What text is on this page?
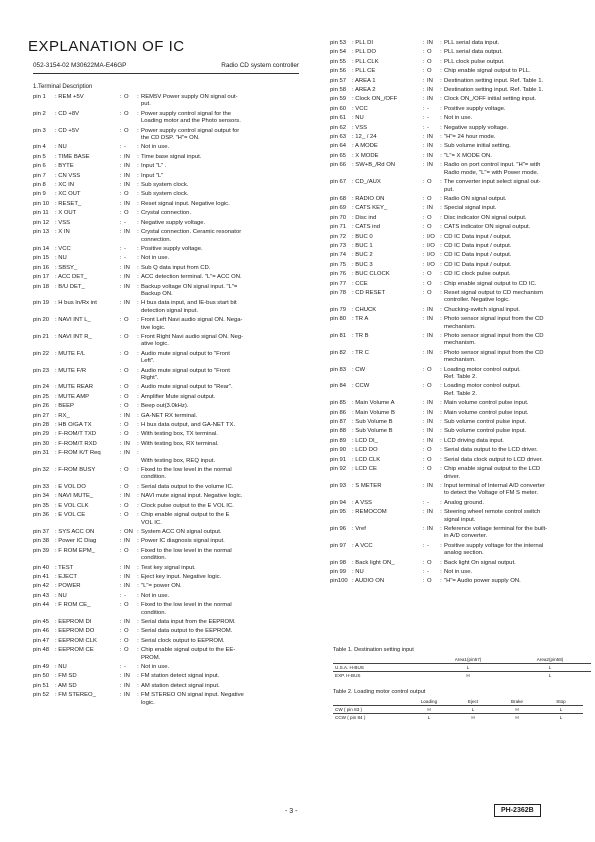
EXPLANATION OF IC
052-3154-02 M30622MA-E46GP	Radio CD system controller
1.Terminal Description
pin 1	: REM +5V	: O	: REM5V Power supply ON signal out-
put.
pin 2	: CD +8V	: O	: Power supply control signal for the
Loading motor and the Photo sensors.
pin 3	: CD +5V	: O	: Power supply control signal output for
the CD DSP. "H"= ON.
pin 4	: NU	: -	: Not in use.
pin 5	: TIME BASE	: IN	: Time base signal input.
pin 6	: BYTE	: IN	: Input "L" .
pin 7	: CN VSS	: IN	: Input "L"
pin 8	: XC IN	: IN	: Sub system clock.
pin 9	: XC OUT	: O	: Sub system clock.
pin 10	: RESET_	: IN	: Reset signal input. Negative logic.
pin 11	: X OUT	: O	: Crystal connection.
pin 12	: VSS	: -	: Negative supply voltage.
pin 13	: X IN	: IN	: Crystal connection. Ceramic resonator
connection.
pin 14	: VCC	: -	: Positive supply voltage.
pin 15	: NU	: -	: Not in use.
pin 16	: SBSY_	: IN	: Sub Q data input from CD.
pin 17	: ACC DET_	: IN	: ACC detection terminal. "L"= ACC ON.
pin 18	: B/U DET_	: IN	: Backup voltage ON signal input. "L"=
Backup ON.
pin 19	: H bus In/Rx int	: IN	: H bus data input, and IE-bus start bit
detection signal input.
pin 20	: NAVI INT L_	: O	: Front Left Navi audio signal ON. Nega-
tive logic.
pin 21	: NAVI INT R_	: O	: Front Right Navi audio signal ON. Neg-
ative logic.
pin 22	: MUTE F/L	: O	: Audio mute signal output to "Front
Left".
pin 23	: MUTE F/R	: O	: Audio mute signal output to "Front
Right".
pin 24	: MUTE REAR	: O	: Audio mute signal output to "Rear".
pin 25	: MUTE AMP	: O	: Amplifier Mute signal output.
pin 26	: BEEP	: O	: Beep out(3.0kHz).
pin 27	: RX_	: IN	: GA-NET RX terminal.
pin 28	: HB O/GA TX	: O	: H bus data output, and GA-NET TX.
pin 29	: F-ROM/T TXD	: O	: With testing box, TX terminal.
pin 30	: F-ROM/T RXD	: IN	: With testing box, RX terminal.
pin 31	: F-ROM K/T Req	: IN	:

With testing box, REQ input.
pin 32	: F-ROM BUSY	: O	: Fixed to the low level in the normal
condition.
pin 33	: E VOL DO	: O	: Serial data output to the volume IC.
pin 34	: NAVI MUTE_	: IN	: NAVI mute signal input. Negative logic.
pin 35	: E VOL CLK	: O	: Clock pulse output to the E VOL IC.
pin 36	: E VOL CE	: O	: Chip enable signal output to the E
VOL IC.
pin 37	: SYS ACC ON	: ON : System ACC ON signal output.
pin 38	: Power IC Diag	: IN	: Power IC diagnosis signal input.
pin 39	: F ROM EPM_	: O	: Fixed to the low level in the normal
condition.
pin 40	: TEST	: IN	: Test key signal input.
pin 41	: EJECT	: IN	: Eject key input. Negative logic.
pin 42	: POWER	: IN	: "L"= power ON.
pin 43	: NU	: -	: Not in use.
pin 44	: F ROM CE_	: O	: Fixed to the low level in the normal
condition.
pin 45	: EEPROM DI	: IN	: Serial data input from the EEPROM.
pin 46	: EEPROM DO	: O	: Serial data output to the EEPROM.
pin 47	: EEPROM CLK	: O	: Serial clock output to EEPROM.
pin 48	: EEPROM CE	: O	: Chip enable signal output to the EE-
PROM.
pin 49	: NU	: -	: Not in use.
pin 50	: FM SD	: IN	: FM station detect signal input.
pin 51	: AM SD	: IN	: AM station detect signal input.
pin 52	: FM STEREO_	: IN	: FM STEREO ON signal input. Negative
logic.
pin 53	: PLL DI	: IN	: PLL serial data input.
pin 54	: PLL DO	: O	: PLL serial data output.
pin 55	: PLL CLK	: O	: PLL clock pulse output.
pin 56	: PLL CE	: O	: Chip enable signal output to PLL.
pin 57	: AREA 1	: IN	: Destination setting input. Ref. Table 1.
pin 58	: AREA 2	: IN	: Destination setting input. Ref. Table 1.
pin 59	: Clock ON_/OFF	: IN	: Clock ON_/OFF initial setting input.
pin 60	: VCC	: -	: Positive supply voltage.
pin 61	: NU	: -	: Not in use.
pin 62	: VSS	: -	: Negative supply voltage.
pin 63	: 12_ / 24	: IN	: "H"= 24 hour mode.
pin 64	: A MODE	: IN	: Sub volume initial setting.
pin 65	: X MODE	: IN	: "L"= X MODE ON.
pin 66	: SW+B_/Rd ON	: IN	: Radio on port control input. "H"= with
Radio mode, "L"= with Power mode.
pin 67	: CD_/AUX	: O	: The converter input select signal out-
put.
pin 68	: RADIO ON	: O	: Radio ON signal output.
pin 69	: CATS KEY_	: IN	: Special signal input.
pin 70	: Disc ind	: O	: Disc indicator ON signal output.
pin 71	: CATS ind	: O	: CATS indicator ON signal output.
pin 72	: BUC 0	: I/O : CD IC Data input / output.
pin 73	: BUC 1	: I/O : CD IC Data input / output.
pin 74	: BUC 2	: I/O : CD IC Data input / output.
pin 75	: BUC 3	: I/O : CD IC Data input / output.
pin 76	: BUC CLOCK	: O	: CD IC clock pulse output.
pin 77	: CCE	: O	: Chip enable signal output to CD IC.
pin 78	: CD RESET	: O	: Reset signal output to CD mechanism
controller. Negative logic.
pin 79	: CHUCK	: IN	: Chucking-switch signal input.
pin 80	: TR A	: IN	: Photo sensor signal input from the CD
mechanism.
pin 81	: TR B	: IN	: Photo sensor signal input from the CD
mechanism.
pin 82	: TR C	: IN	: Photo sensor signal input from the CD
mechanism.
pin 83	: CW	: O	: Loading motor control output.
Ref. Table 2.
pin 84	: CCW	: O	: Loading motor control output.
Ref. Table 2.
pin 85	: Main Volume A	: IN	: Main volume control pulse input.
pin 86	: Main Volume B	: IN	: Main volume control pulse input.
pin 87	: Sub Volume B	: IN	: Sub volume control pulse input.
pin 88	: Sub Volume B	: IN	: Sub volume control pulse input.
pin 89	: LCD DI_	: IN	: LCD driving data input.
pin 90	: LCD DO	: O	: Serial data output to the LCD driver.
pin 91	: LCD CLK	: O	: Serial data clock output to LCD driver.
pin 92	: LCD CE	: O	: Chip enable signal output to the LCD
driver.
pin 93	: S METER	: IN	: Input terminal of Internal A/D converter
to detect the Voltage of FM S meter.
pin 94	: A VSS	: -	: Analog ground.
pin 95	: REMOCOM	: IN	: Steering wheel remote control switch
signal input.
pin 96	: Vref	: IN	: Reference voltage terminal for the built-
in A/D converter.
pin 97	: A VCC	: -	: Positive supply voltage for the internal
analog section.
pin 98	: Back light ON_	: O	: Back light On signal output.
pin 99	: NU	: -	: Not in use.
pin100 : AUDIO ON	: O	: "H"= Audio power supply ON.
Table 1. Destination setting input
	Area1(pin57)	Area2(pin58)
U.S.A. H-BUS	L	L
EXP. H-BUS	H	L
Table 2. Loading motor control output
	Loading	Eject	Brake	Stop
CW ( pin 83 )	H	L	H	L
CCW ( pin 84 )	L	H	H	L
- 3 -	PH-2362B
